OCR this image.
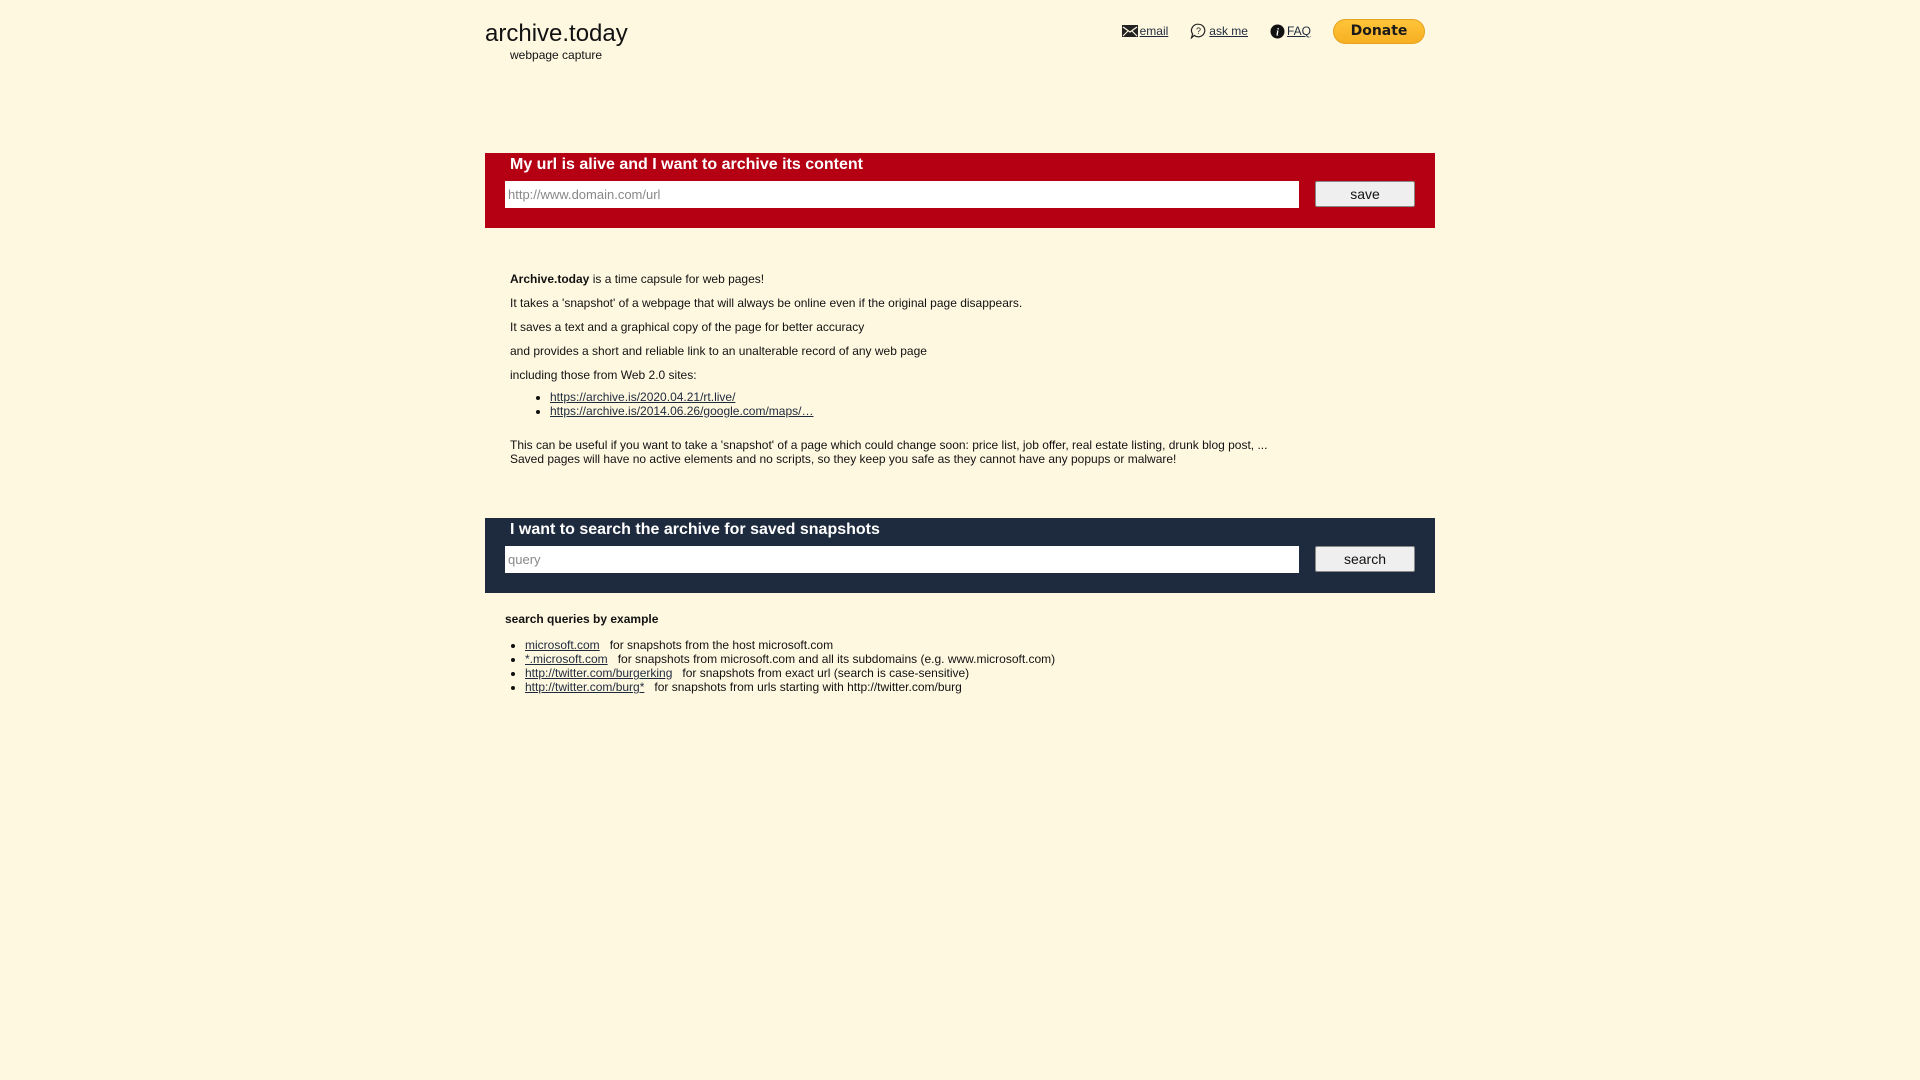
archive.today
webpage capture
email	? ask me	i FAQ	Donate
My url is alive and I want to archive its content
http://www.domain.com/url
save

Archive.today is a time capsule for web pages!

It takes a 'snapshot' of a webpage that will always be online even if the original page disappears.

It saves a text and a graphical copy of the page for better accuracy

and provides a short and reliable link to an unalterable record of any web page

including those from Web 2.0 sites:

• https://archive.is/2020.04.21/rt.live/
• https://archive.is/2014.06.26/google.com/maps/…
This can be useful if you want to take a 'snapshot' of a page which could change soon: price list, job offer, real estate listing, drunk blog post, ...
Saved pages will have no active elements and no scripts, so they keep you safe as they cannot have any popups or malware!
I want to search the archive for saved snapshots
query
search
search queries by example
• microsoft.com for snapshots from the host microsoft.com
• *.microsoft.com for snapshots from microsoft.com and all its subdomains (e.g. www.microsoft.com)
• http://twitter.com/burgerking for snapshots from exact url (search is case-sensitive)
• http://twitter.com/burg* for snapshots from urls starting with http://twitter.com/burg
